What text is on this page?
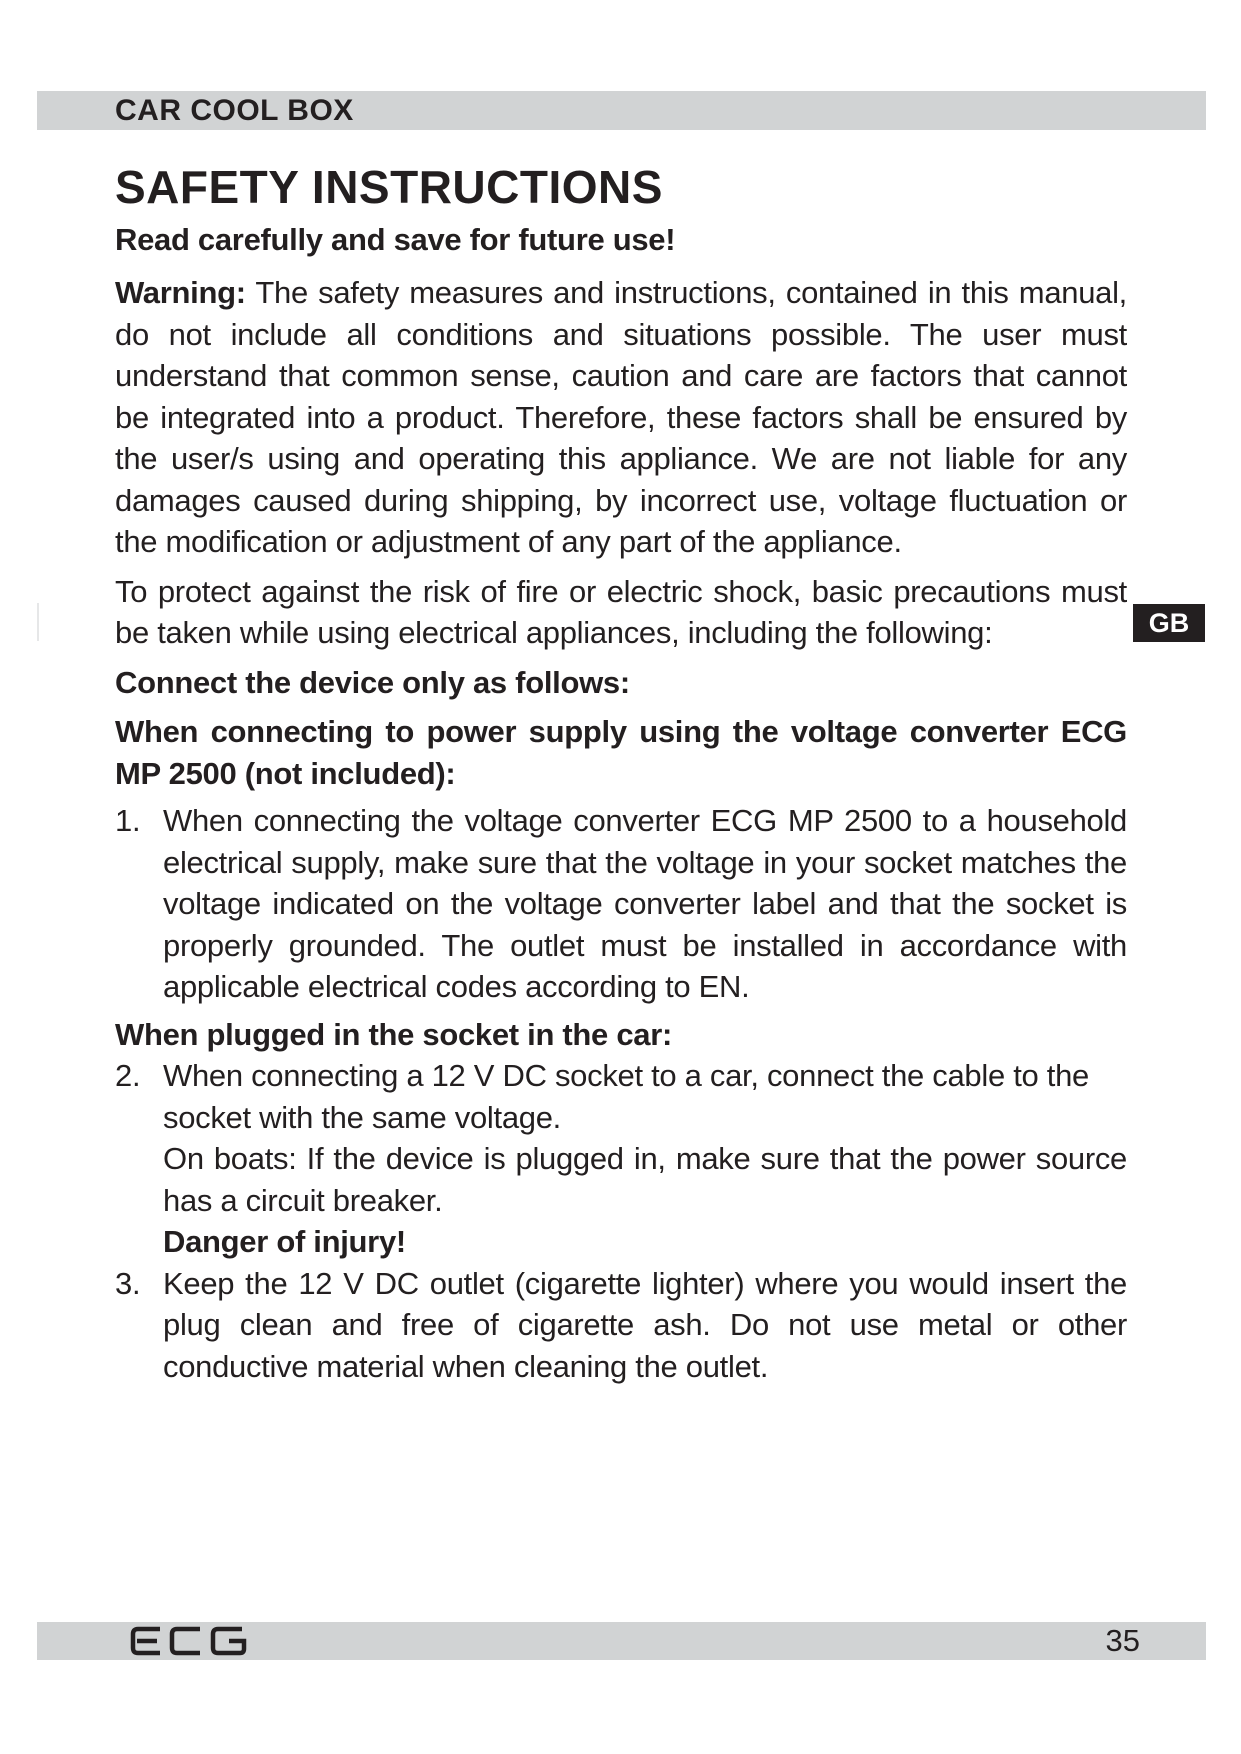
CAR COOL BOX
GB
SAFETY INSTRUCTIONS

Read carefully and save for future use!

Warning: The safety measures and instructions, contained in this manual, do not include all conditions and situations possible. The user must understand that common sense, caution and care are factors that cannot be integrated into a product. Therefore, these factors shall be ensured by the user/s using and operating this appliance. We are not liable for any damages caused during shipping, by incorrect use, voltage fluctuation or the modification or adjustment of any part of the appliance.

To protect against the risk of fire or electric shock, basic precautions must be taken while using electrical appliances, including the following:

Connect the device only as follows:

When connecting to power supply using the voltage converter ECG MP 2500 (not included):

1. When connecting the voltage converter ECG MP 2500 to a household electrical supply, make sure that the voltage in your socket matches the voltage indicated on the voltage converter label and that the socket is properly grounded. The outlet must be installed in accordance with applicable electrical codes according to EN.

When plugged in the socket in the car:

2. When connecting a 12 V DC socket to a car, connect the cable to the socket with the same voltage.

On boats: If the device is plugged in, make sure that the power source has a circuit breaker.

Danger of injury!

3. Keep the 12 V DC outlet (cigarette lighter) where you would insert the plug clean and free of cigarette ash. Do not use metal or other conductive material when cleaning the outlet.

35
